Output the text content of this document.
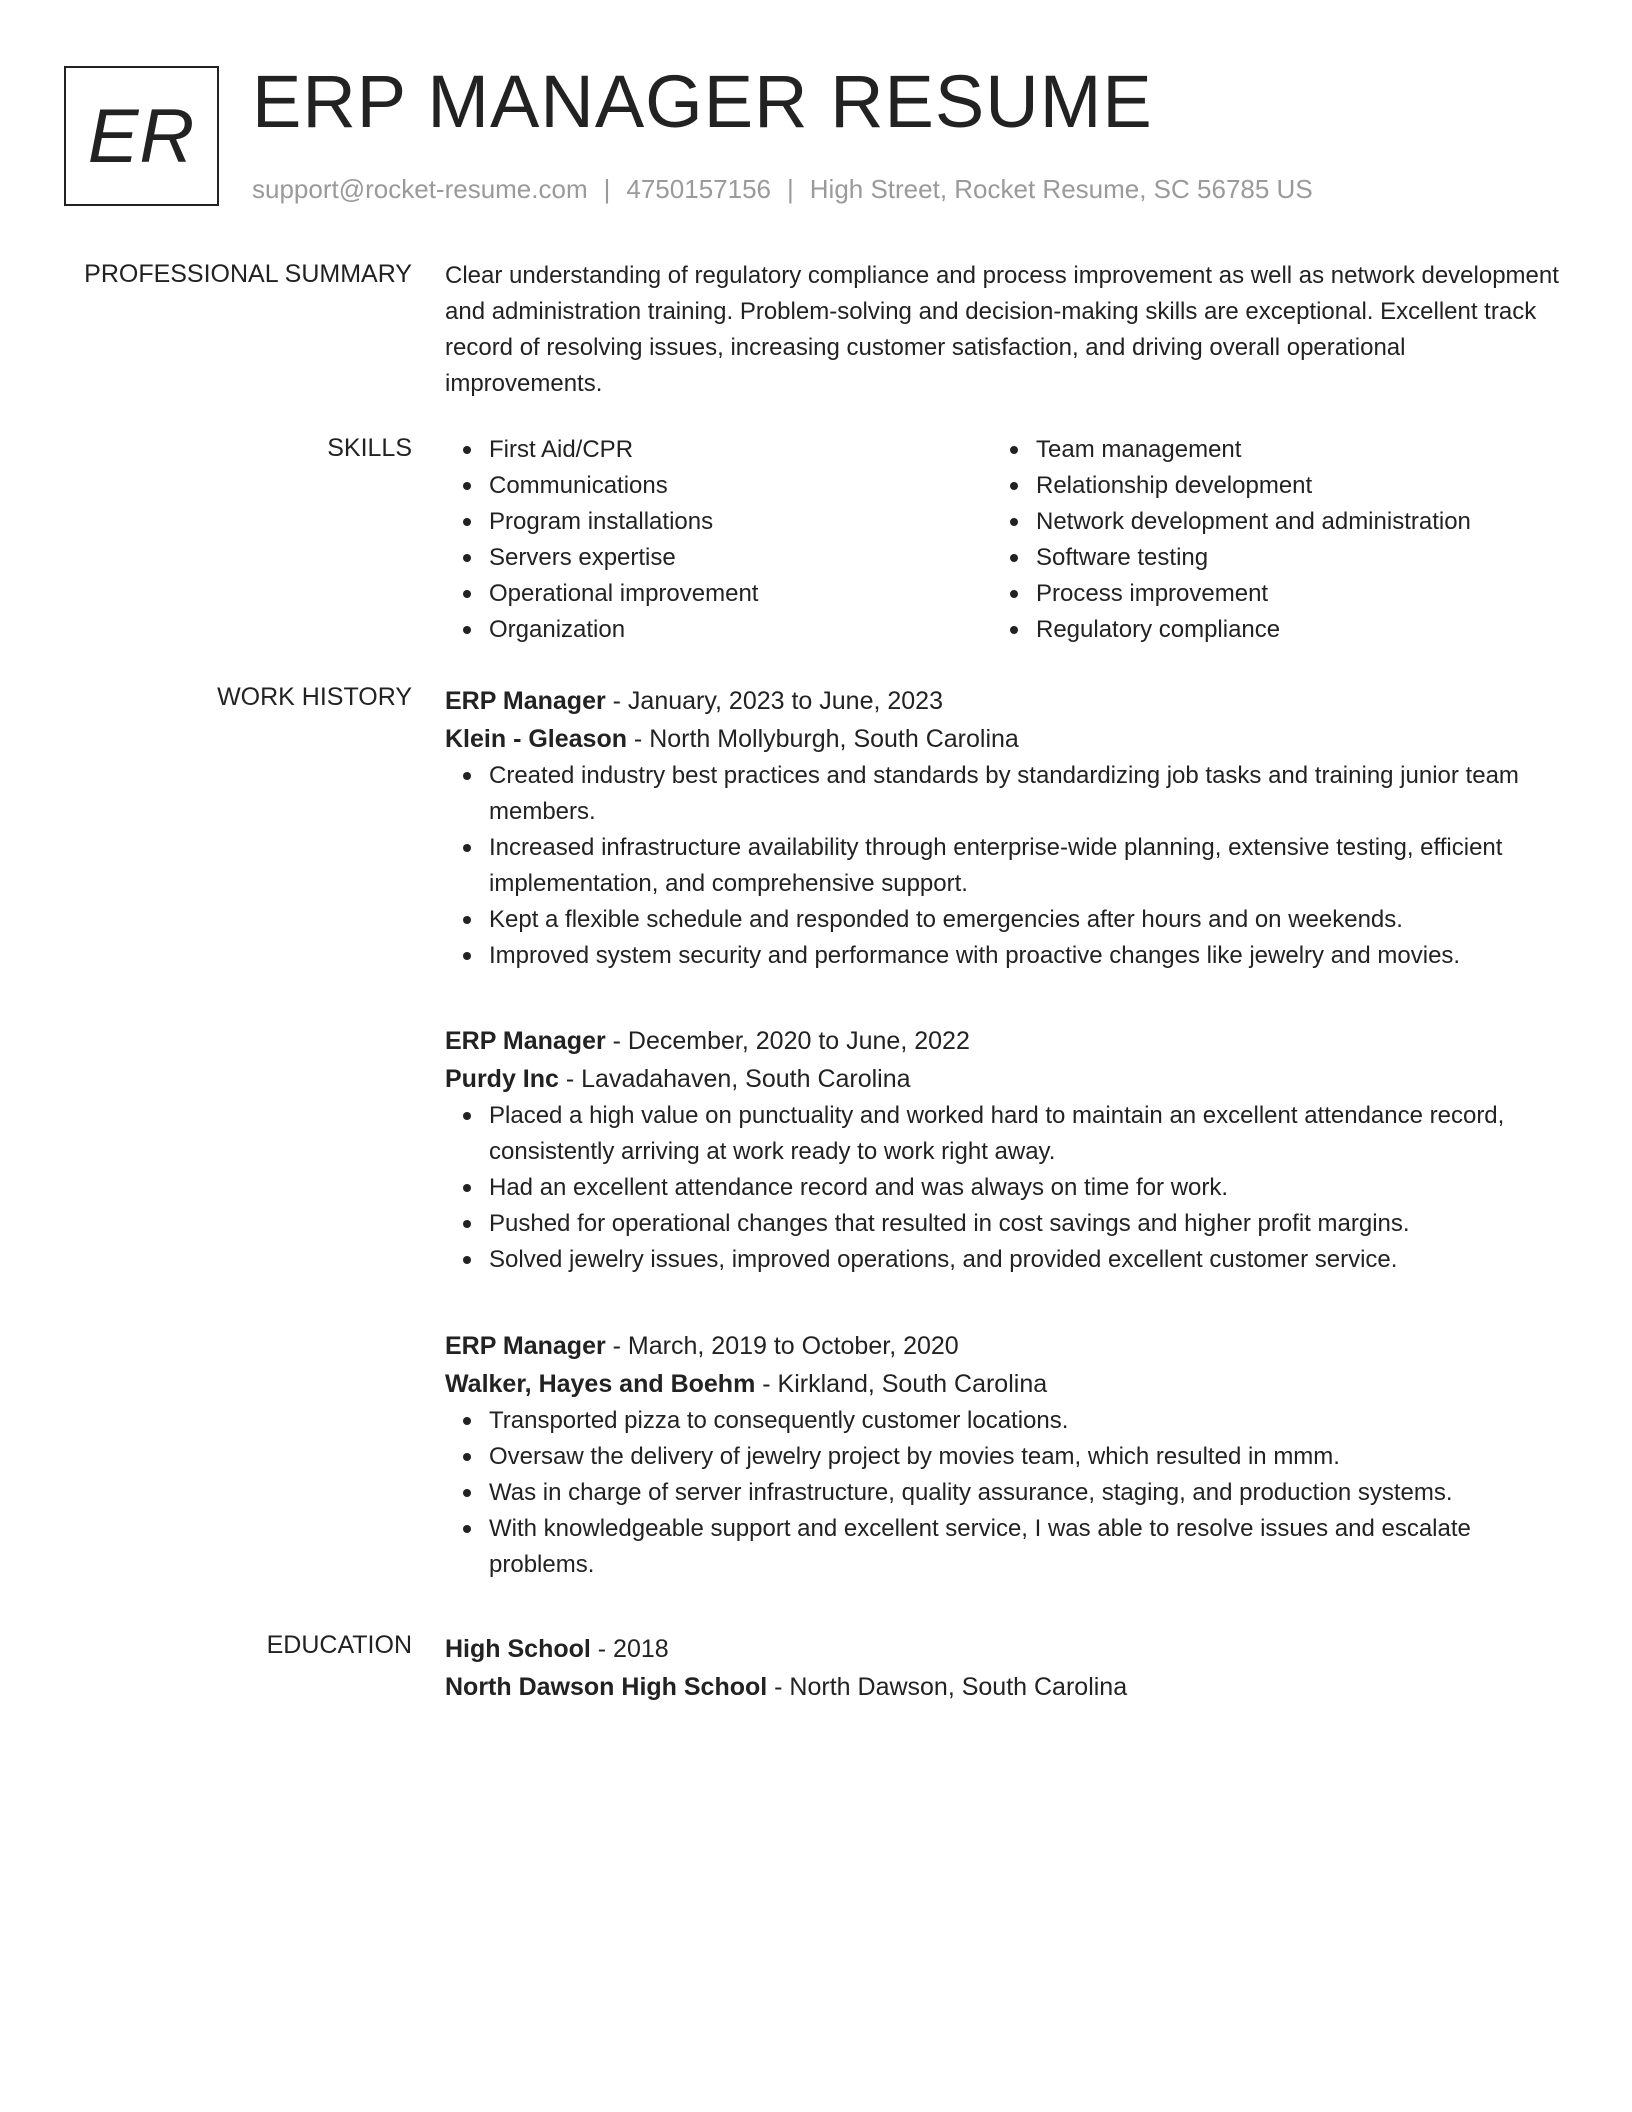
ER ERP MANAGER RESUME
support@rocket-resume.com | 4750157156 | High Street, Rocket Resume, SC 56785 US
PROFESSIONAL SUMMARY Clear understanding of regulatory compliance and process improvement as well as network development and administration training. Problem-solving and decision-making skills are exceptional. Excellent track record of resolving issues, increasing customer satisfaction, and driving overall operational improvements.
SKILLS	First Aid/CPR
Communications
Program installations
Servers expertise
Operational improvement
Organization
Team management
Relationship development
Network development and administration
Software testing
Process improvement
Regulatory compliance
WORK HISTORY ERP Manager - January, 2023 to June, 2023
Klein - Gleason - North Mollyburgh, South Carolina
Created industry best practices and standards by standardizing job tasks and training junior team members.
Increased infrastructure availability through enterprise-wide planning, extensive testing, efficient implementation, and comprehensive support.
Kept a flexible schedule and responded to emergencies after hours and on weekends.
Improved system security and performance with proactive changes like jewelry and movies.
ERP Manager - December, 2020 to June, 2022
Purdy Inc - Lavadahaven, South Carolina
Placed a high value on punctuality and worked hard to maintain an excellent attendance record, consistently arriving at work ready to work right away.
Had an excellent attendance record and was always on time for work.
Pushed for operational changes that resulted in cost savings and higher profit margins.
Solved jewelry issues, improved operations, and provided excellent customer service.
ERP Manager - March, 2019 to October, 2020
Walker, Hayes and Boehm - Kirkland, South Carolina
Transported pizza to consequently customer locations.
Oversaw the delivery of jewelry project by movies team, which resulted in mmm.
Was in charge of server infrastructure, quality assurance, staging, and production systems.
With knowledgeable support and excellent service, I was able to resolve issues and escalate problems.
EDUCATION High School - 2018
North Dawson High School - North Dawson, South Carolina
